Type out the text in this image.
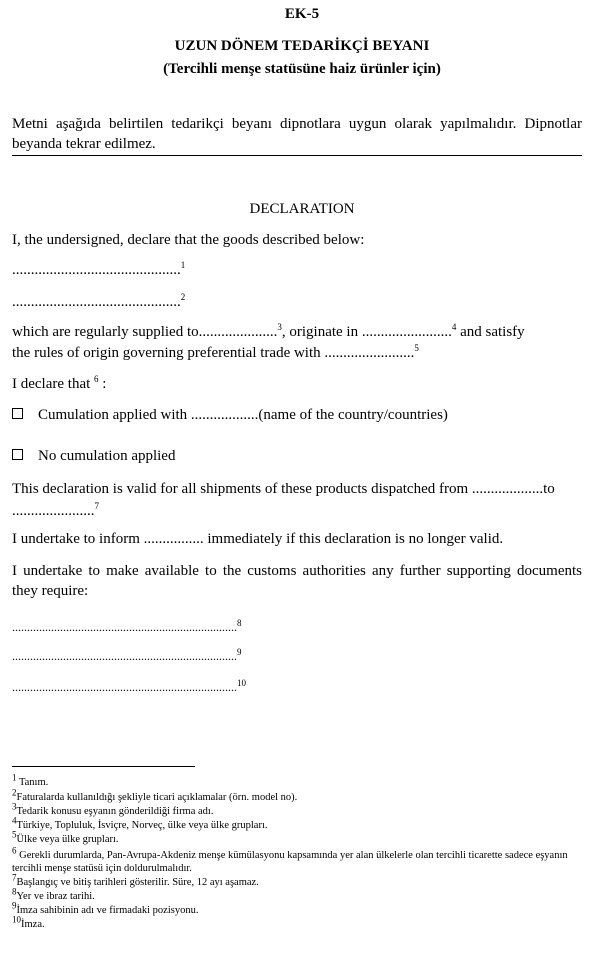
EK-5
UZUN DÖNEM TEDARİKÇİ BEYANI
(Tercihli menşe statüsüne haiz ürünler için)
Metni aşağıda belirtilen tedarikçi beyanı dipnotlara uygun olarak yapılmalıdır. Dipnotlar beyanda tekrar edilmez.
DECLARATION
I, the undersigned, declare that the goods described below:
.............................................$^1$
.............................................$^2$
which are regularly supplied to.....................$^3$, originate in ........................$^4$ and satisfy
the rules of origin governing preferential trade with ........................$^5$
I declare that $^6$ :
Cumulation applied with ..................(name of the country/countries)
No cumulation applied
This declaration is valid for all shipments of these products dispatched from ...................to
......................$^7$
I undertake to inform ................ immediately if this declaration is no longer valid.
I undertake to make available to the customs authorities any further supporting documents they require:
...........................................................................$^8$
...........................................................................$^9$
...........................................................................$^{10}$
1 Tanım.
2Faturalarda kullanıldığı şekliyle ticari açıklamalar (örn. model no).
3Tedarik konusu eşyanın gönderildiği firma adı.
4Türkiye, Topluluk, İsviçre, Norveç, ülke veya ülke grupları.
5Ülke veya ülke grupları.
6 Gerekli durumlarda, Pan-Avrupa-Akdeniz menşe kümülasyonu kapsamında yer alan ülkelerle olan tercihli ticarette sadece eşyanın tercihli menşe statüsü için doldurulmalıdır.
7Başlangıç ve bitiş tarihleri gösterilir. Süre, 12 ayı aşamaz.
8Yer ve ibraz tarihi.
9İmza sahibinin adı ve firmadaki pozisyonu.
10İmza.
